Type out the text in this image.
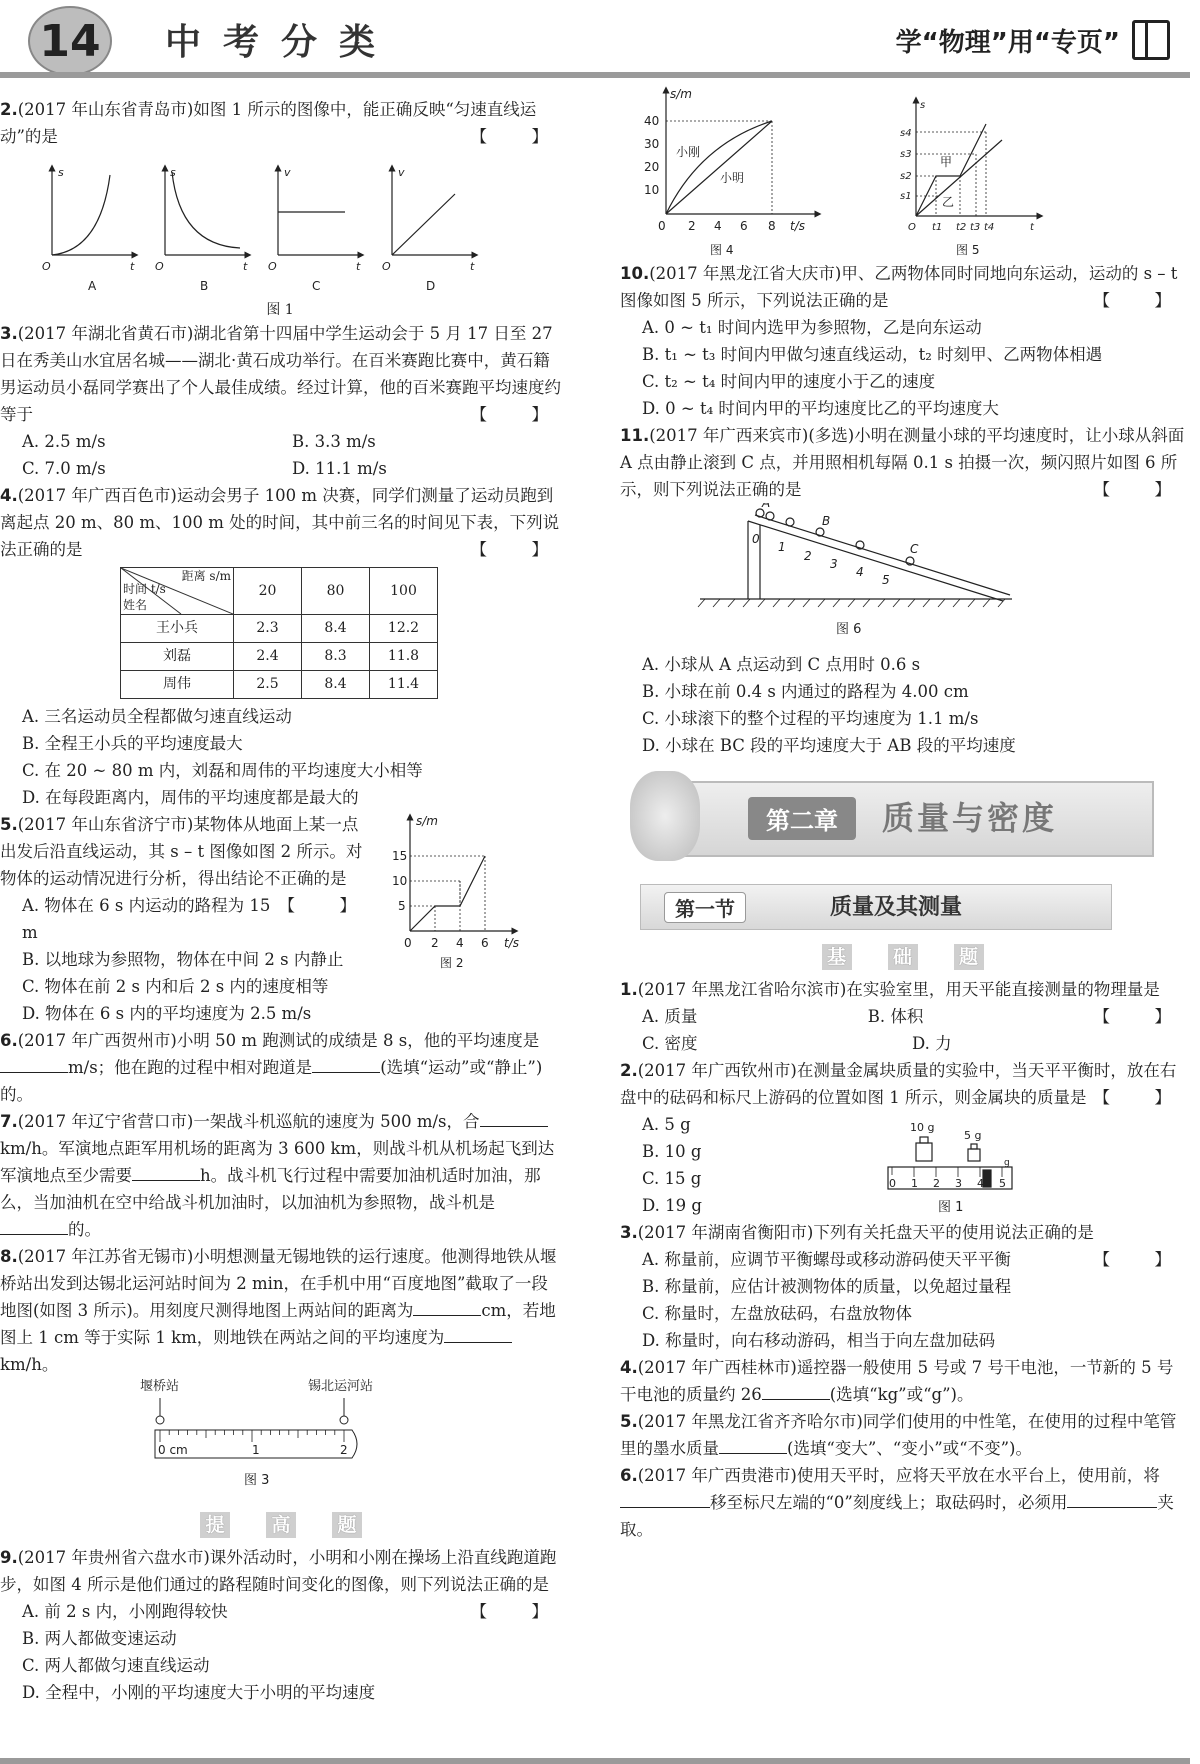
14	中考分类	学“物理”用“专页”

2.(2017 年山东省青岛市)如图 1 所示的图像中，能正确反映“匀速直线运动”的是	【　】

s	s	v	v
t	t	t	t
O	O	O	O
A	B	C	D
图 1

3.(2017 年湖北省黄石市)湖北省第十四届中学生运动会于 5 月 17 日至 27 日在秀美山水宜居名城——湖北·黄石成功举行。在百米赛跑比赛中，黄石籍男运动员小磊同学赛出了个人最佳成绩。经过计算，他的百米赛跑平均速度约等于	【　】

A. 2.5 m/s	B. 3.3 m/s
C. 7.0 m/s	D. 11.1 m/s

4.(2017 年广西百色市)运动会男子 100 m 决赛，同学们测量了运动员跑到离起点 20 m、80 m、100 m 处的时间，其中前三名的时间见下表，下列说法正确的是	【　】

距离 s/m
时间 t/s
姓名	20	80	100
王小兵	2.3	8.4	12.2
刘磊	2.4	8.3	11.8
周伟	2.5	8.4	11.4
A. 三名运动员全程都做匀速直线运动
B. 全程王小兵的平均速度最大
C. 在 20 ~ 80 m 内，刘磊和周伟的平均速度大小相等
D. 在每段距离内，周伟的平均速度都是最大的

5.(2017 年山东省济宁市)某物体从地面上某一点出发后沿直线运动，其 s – t 图像如图 2 所示。对物体的运动情况进行分析，得出结论不正确的是
【　】

A. 物体在 6 s 内运动的路程为 15 m
B. 以地球为参照物，物体在中间 2 s 内静止
C. 物体在前 2 s 内和后 2 s 内的速度相等
D. 物体在 6 s 内的平均速度为 2.5 m/s
s/m
15
10
5
0 2 4 6 t/s
图 2

6.(2017 年广西贺州市)小明 50 m 跑测试的成绩是 8 s，他的平均速度是m/s；他在跑的过程中相对跑道是	(选填“运动”或“静止”)的。

7.(2017 年辽宁省营口市)一架战斗机巡航的速度为 500 m/s，合km/h。军演地点距军用机场的距离为 3 600 km，则战斗机从机场起飞到达军演地点至少需要	h。战斗机飞行过程中需要加油机适时加油，那么，当加油机在空中给战斗机加油时，以加油机为参照物，战斗机是的。

8.(2017 年江苏省无锡市)小明想测量无锡地铁的运行速度。他测得地铁从堰桥站出发到达锡北运河站时间为 2 min，在手机中用“百度地图”截取了一段地图(如图 3 所示)。用刻度尺测得地图上两站间的距离为	cm，若地图上 1 cm 等于实际 1 km，则地铁在两站之间的平均速度为km/h。

堰桥站	锡北运河站
0 cm	1	2
图 3
提 高 题

9.(2017 年贵州省六盘水市)课外活动时，小明和小刚在操场上沿直线跑道跑步，如图 4 所示是他们通过的路程随时间变化的图像，则下列说法正确的是
【　】

A. 前 2 s 内，小刚跑得较快
B. 两人都做变速运动
C. 两人都做匀速直线运动
D. 全程中，小刚的平均速度大于小明的平均速度
s/m
40
30
20
10
0 2 4 6 8 t/s
小刚
小明
图 4
s
s4
s3
s2
s1
O t1 t2 t3 t4	t
甲
乙
图 5

10.(2017 年黑龙江省大庆市)甲、乙两物体同时同地向东运动，运动的 s – t 图像如图 5 所示，下列说法正确的是	【　】

A. 0 ~ t₁ 时间内选甲为参照物，乙是向东运动
B. t₁ ~ t₃ 时间内甲做匀速直线运动，t₂ 时刻甲、乙两物体相遇
C. t₂ ~ t₄ 时间内甲的速度小于乙的速度
D. 0 ~ t₄ 时间内甲的平均速度比乙的平均速度大

11.(2017 年广西来宾市)(多选)小明在测量小球的平均速度时，让小球从斜面 A 点由静止滚到 C 点，并用照相机每隔 0.1 s 拍摄一次，频闪照片如图 6 所示，则下列说法正确的是	【　】

A
B
C
0
1
2
3
4
5
图 6
A. 小球从 A 点运动到 C 点用时 0.6 s
B. 小球在前 0.4 s 内通过的路程为 4.00 cm
C. 小球滚下的整个过程的平均速度为 1.1 m/s
D. 小球在 BC 段的平均速度大于 AB 段的平均速度
第二章	质量与密度
第一节	质量及其测量
基 础 题

1.(2017 年黑龙江省哈尔滨市)在实验室里，用天平能直接测量的物理量是
【　】

A. 质量	B. 体积
C. 密度	D. 力

2.(2017 年广西钦州市)在测量金属块质量的实验中，当天平平衡时，放在右盘中的砝码和标尺上游码的位置如图 1 所示，则金属块的质量是 【　】

A. 5 g
B. 10 g
C. 15 g
D. 19 g
10 g
5 g
0 1 2 3 4 5
g
图 1

3.(2017 年湖南省衡阳市)下列有关托盘天平的使用说法正确的是
【　】

A. 称量前，应调节平衡螺母或移动游码使天平平衡
B. 称量前，应估计被测物体的质量，以免超过量程
C. 称量时，左盘放砝码，右盘放物体
D. 称量时，向右移动游码，相当于向左盘加砝码

4.(2017 年广西桂林市)遥控器一般使用 5 号或 7 号干电池，一节新的 5 号干电池的质量约 26	(选填“kg”或“g”)。

5.(2017 年黑龙江省齐齐哈尔市)同学们使用的中性笔，在使用的过程中笔管里的墨水质量	(选填“变大”、“变小”或“不变”)。

6.(2017 年广西贵港市)使用天平时，应将天平放在水平台上，使用前，将移至标尺左端的“0”刻度线上；取砝码时，必须用	夹取。
